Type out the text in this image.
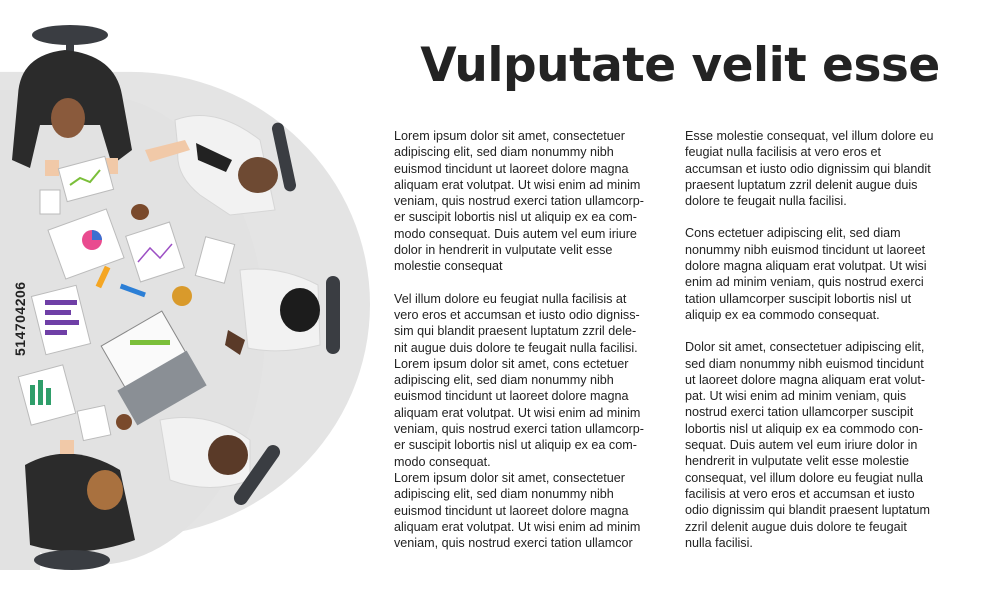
Vulputate velit esse

Lorem ipsum dolor sit amet, consectetuer
adipiscing elit, sed diam nonummy nibh
euismod tincidunt ut laoreet dolore magna
aliquam erat volutpat. Ut wisi enim ad minim
veniam, quis nostrud exerci tation ullamcorp-
er suscipit lobortis nisl ut aliquip ex ea com-
modo consequat. Duis autem vel eum iriure
dolor in hendrerit in vulputate velit esse
molestie consequat

Vel illum dolore eu feugiat nulla facilisis at
vero eros et accumsan et iusto odio digniss-
sim qui blandit praesent luptatum zzril dele-
nit augue duis dolore te feugait nulla facilisi.
Lorem ipsum dolor sit amet, cons ectetuer
adipiscing elit, sed diam nonummy nibh
euismod tincidunt ut laoreet dolore magna
aliquam erat volutpat. Ut wisi enim ad minim
veniam, quis nostrud exerci tation ullamcorp-
er suscipit lobortis nisl ut aliquip ex ea com-
modo consequat.

Lorem ipsum dolor sit amet, consectetuer
adipiscing elit, sed diam nonummy nibh
euismod tincidunt ut laoreet dolore magna
aliquam erat volutpat. Ut wisi enim ad minim
veniam, quis nostrud exerci tation ullamcor

Esse molestie consequat, vel illum dolore eu
feugiat nulla facilisis at vero eros et
accumsan et iusto odio dignissim qui blandit
praesent luptatum zzril delenit augue duis
dolore te feugait nulla facilisi.

Cons ectetuer adipiscing elit, sed diam
nonummy nibh euismod tincidunt ut laoreet
dolore magna aliquam erat volutpat. Ut wisi
enim ad minim veniam, quis nostrud exerci
tation ullamcorper suscipit lobortis nisl ut
aliquip ex ea commodo consequat.

Dolor sit amet, consectetuer adipiscing elit,
sed diam nonummy nibh euismod tincidunt
ut laoreet dolore magna aliquam erat volut-
pat. Ut wisi enim ad minim veniam, quis
nostrud exerci tation ullamcorper suscipit
lobortis nisl ut aliquip ex ea commodo con-
sequat. Duis autem vel eum iriure dolor in
hendrerit in vulputate velit esse molestie
consequat, vel illum dolore eu feugiat nulla
facilisis at vero eros et accumsan et iusto
odio dignissim qui blandit praesent luptatum
zzril delenit augue duis dolore te feugait
nulla facilisi.

514704206
